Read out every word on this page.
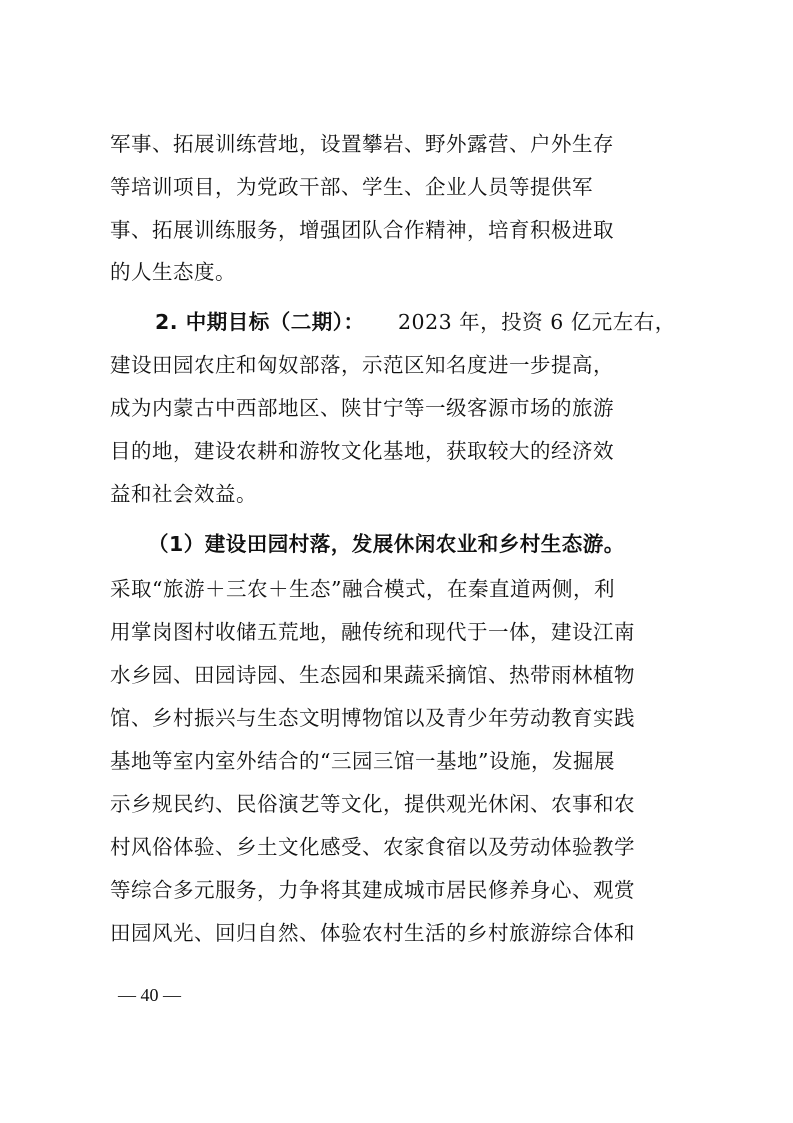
军事、拓展训练营地，设置攀岩、野外露营、户外生存
等培训项目，为党政干部、学生、企业人员等提供军
事、拓展训练服务，增强团队合作精神，培育积极进取
的人生态度。
2. 中期目标（二期）： 2023 年，投资 6 亿元左右，
建设田园农庄和匈奴部落，示范区知名度进一步提高，
成为内蒙古中西部地区、陕甘宁等一级客源市场的旅游
目的地，建设农耕和游牧文化基地，获取较大的经济效
益和社会效益。
（1）建设田园村落，发展休闲农业和乡村生态游。
采取“旅游＋三农＋生态”融合模式，在秦直道两侧，利
用掌岗图村收储五荒地，融传统和现代于一体，建设江南
水乡园、田园诗园、生态园和果蔬采摘馆、热带雨林植物
馆、乡村振兴与生态文明博物馆以及青少年劳动教育实践
基地等室内室外结合的“三园三馆一基地”设施，发掘展
示乡规民约、民俗演艺等文化，提供观光休闲、农事和农
村风俗体验、乡土文化感受、农家食宿以及劳动体验教学
等综合多元服务，力争将其建成城市居民修养身心、观赏
田园风光、回归自然、体验农村生活的乡村旅游综合体和
— 40 —
